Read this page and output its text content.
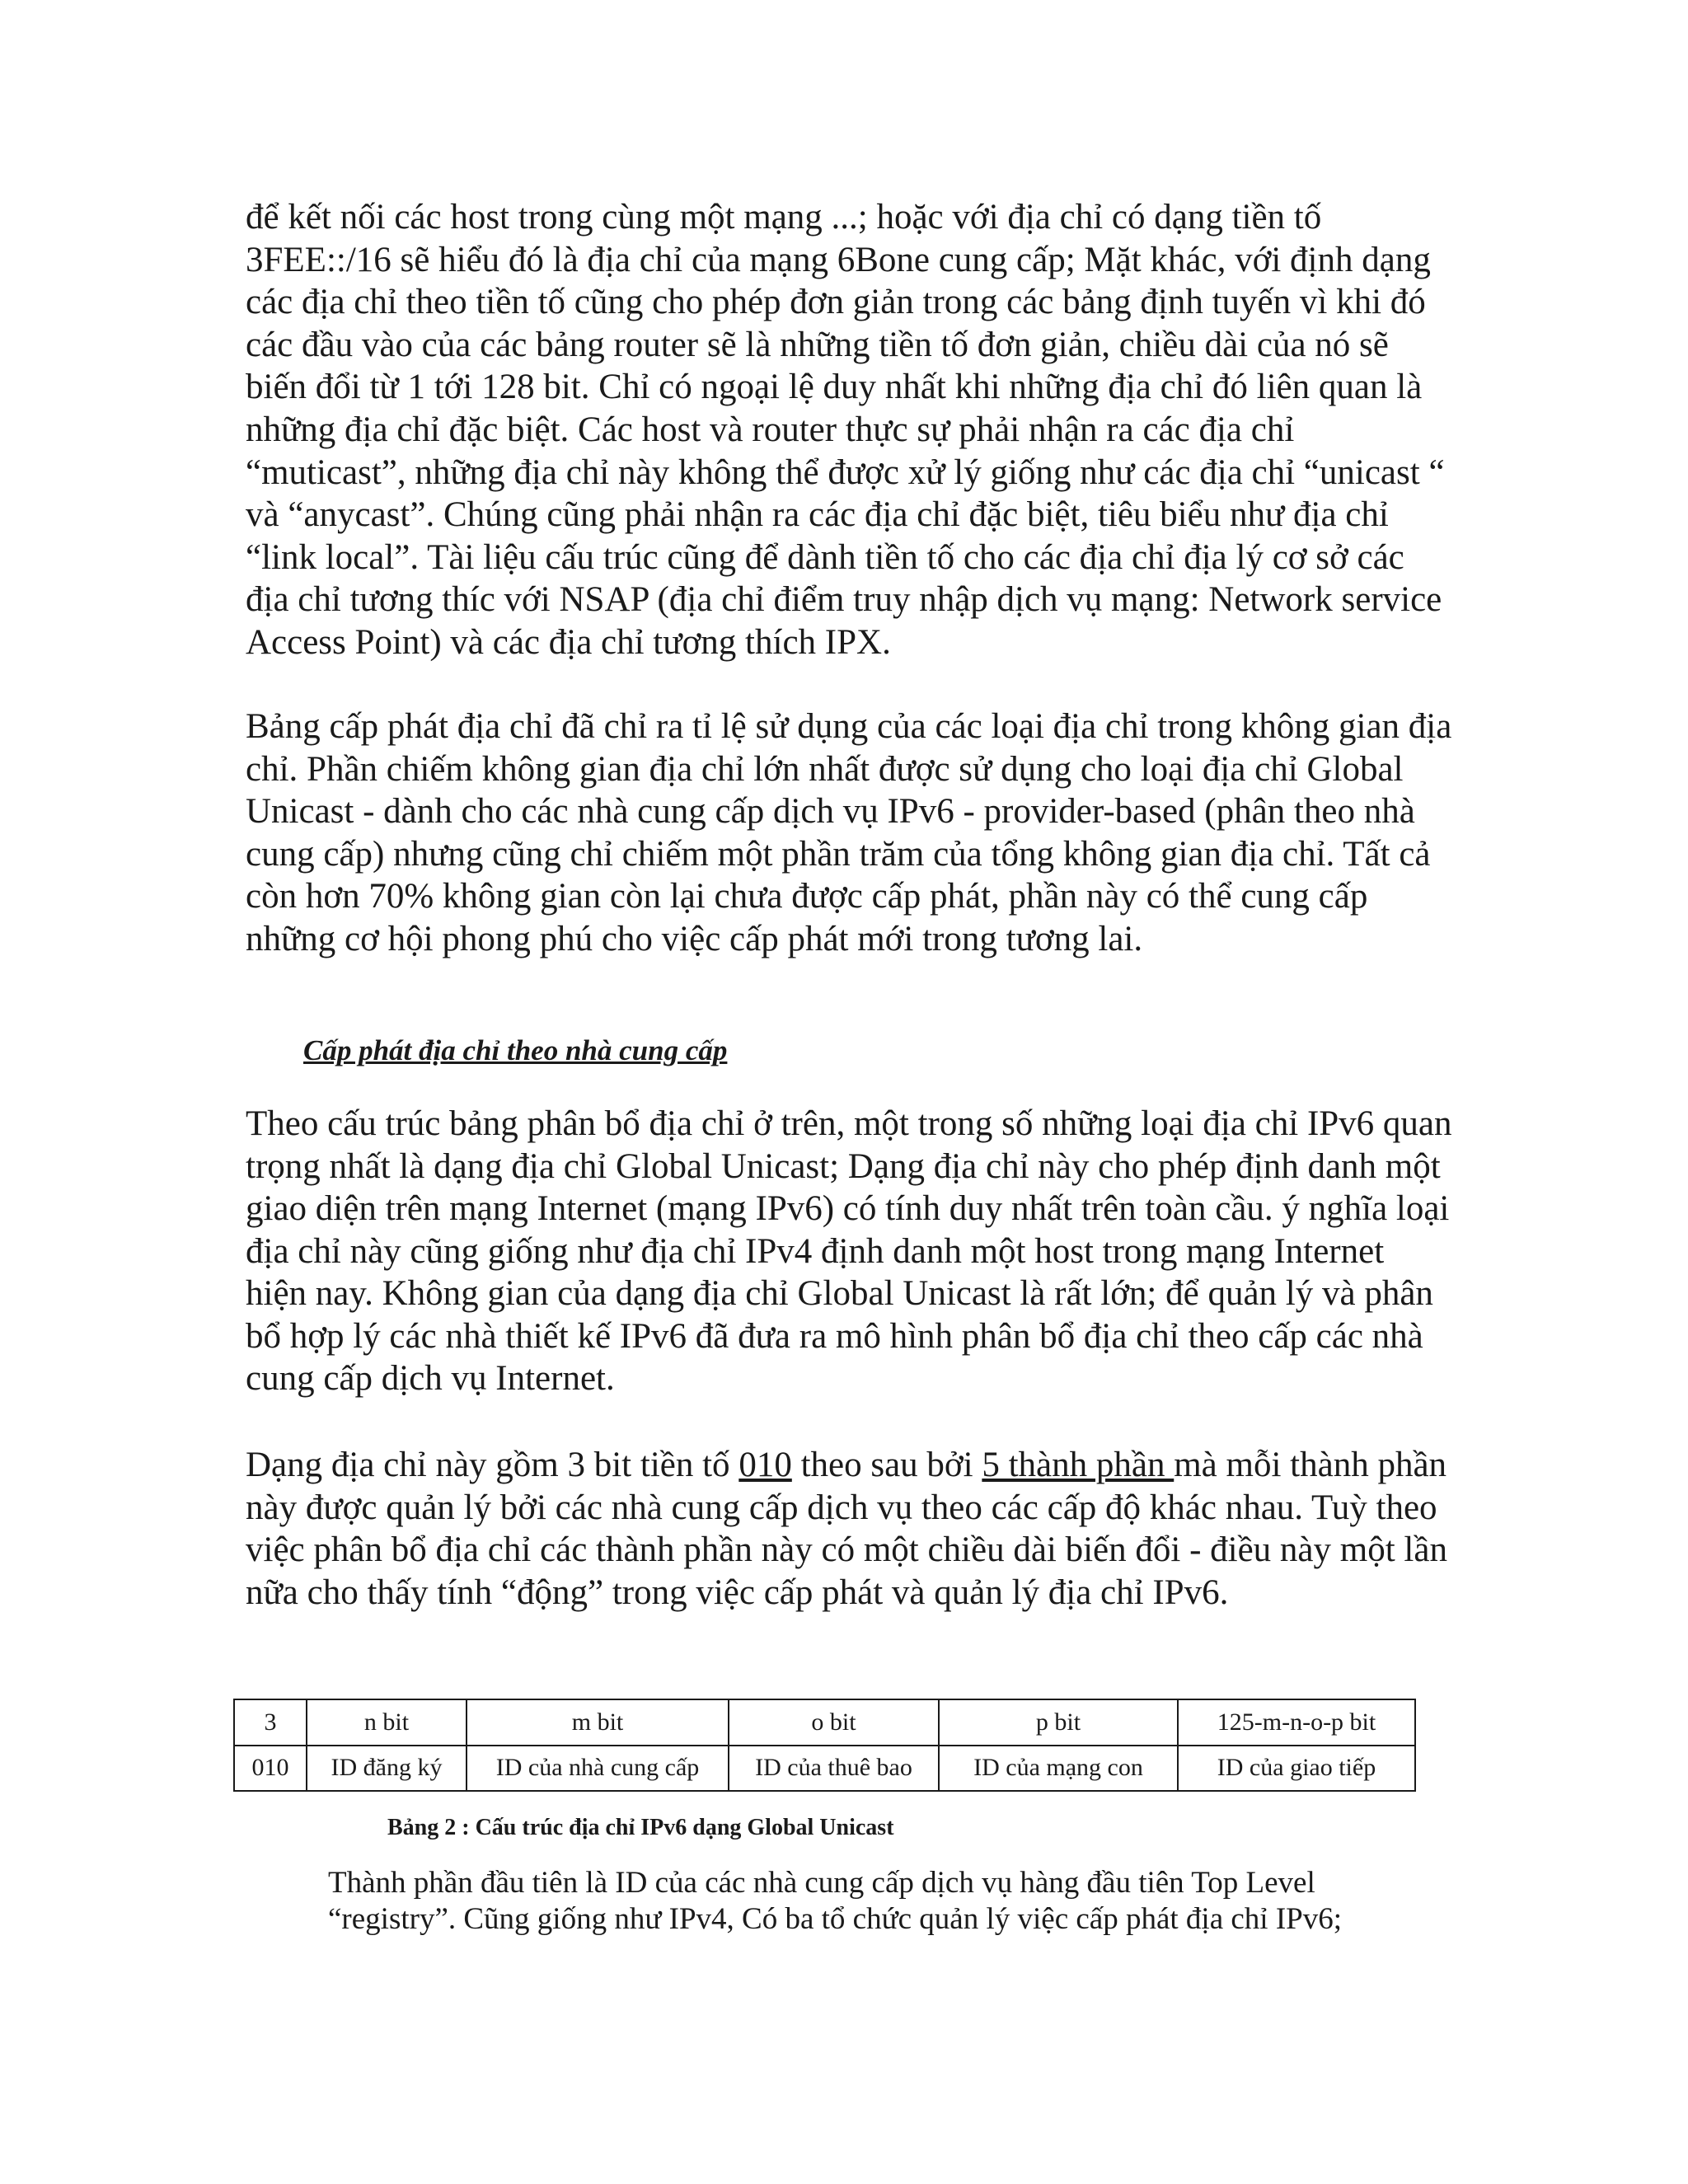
để kết nối các host trong cùng một mạng ...; hoặc với địa chỉ có dạng tiền tố 3FEE::/16 sẽ hiểu đó là địa chỉ của mạng 6Bone cung cấp; Mặt khác, với định dạng các địa chỉ theo tiền tố cũng cho phép đơn giản trong các bảng định tuyến vì khi đó các đầu vào của các bảng router sẽ là những tiền tố đơn giản, chiều dài của nó sẽ biến đổi từ 1 tới 128 bit. Chỉ có ngoại lệ duy nhất khi những địa chỉ đó liên quan là những địa chỉ đặc biệt. Các host và router thực sự phải nhận ra các địa chỉ “muticast”, những địa chỉ này không thể được xử lý giống như các địa chỉ “unicast “ và “anycast”. Chúng cũng phải nhận ra các địa chỉ đặc biệt, tiêu biểu như địa chỉ “link local”. Tài liệu cấu trúc cũng để dành tiền tố cho các địa chỉ địa lý cơ sở các địa chỉ tương thíc với NSAP (địa chỉ điểm truy nhập dịch vụ mạng: Network service Access Point) và các địa chỉ tương thích IPX.
Bảng cấp phát địa chỉ đã chỉ ra tỉ lệ sử dụng của các loại địa chỉ trong không gian địa chỉ. Phần chiếm không gian địa chỉ lớn nhất được sử dụng cho loại địa chỉ Global Unicast - dành cho các nhà cung cấp dịch vụ IPv6 - provider-based (phân theo nhà cung cấp) nhưng cũng chỉ chiếm một phần trăm của tổng không gian địa chỉ. Tất cả còn hơn 70% không gian còn lại chưa được cấp phát, phần này có thể cung cấp những cơ hội phong phú cho việc cấp phát mới trong tương lai.
Cấp phát địa chỉ theo nhà cung cấp
Theo cấu trúc bảng phân bổ địa chỉ ở trên, một trong số những loại địa chỉ IPv6 quan trọng nhất là dạng địa chỉ Global Unicast; Dạng địa chỉ này cho phép định danh một giao diện trên mạng Internet (mạng IPv6) có tính duy nhất trên toàn cầu. ý nghĩa loại địa chỉ này cũng giống như địa chỉ IPv4 định danh một host trong mạng Internet hiện nay. Không gian của dạng địa chỉ Global Unicast là rất lớn; để quản lý và phân bổ hợp lý các nhà thiết kế IPv6 đã đưa ra mô hình phân bổ địa chỉ theo cấp các nhà cung cấp dịch vụ Internet.
Dạng địa chỉ này gồm 3 bit tiền tố 010 theo sau bởi 5 thành phần mà mỗi thành phần này được quản lý bởi các nhà cung cấp dịch vụ theo các cấp độ khác nhau. Tuỳ theo việc phân bổ địa chỉ các thành phần này có một chiều dài biến đổi - điều này một lần nữa cho thấy tính “động” trong việc cấp phát và quản lý địa chỉ IPv6.
3	n bit	m bit	o bit	p bit	125-m-n-o-p bit
010	ID đăng ký	ID của nhà cung cấp	ID của thuê bao	ID của mạng con	ID của giao tiếp
Bảng 2 : Cấu trúc địa chỉ IPv6 dạng Global Unicast
Thành phần đầu tiên là ID của các nhà cung cấp dịch vụ hàng đầu tiên Top Level “registry”. Cũng giống như IPv4, Có ba tổ chức quản lý việc cấp phát địa chỉ IPv6;
